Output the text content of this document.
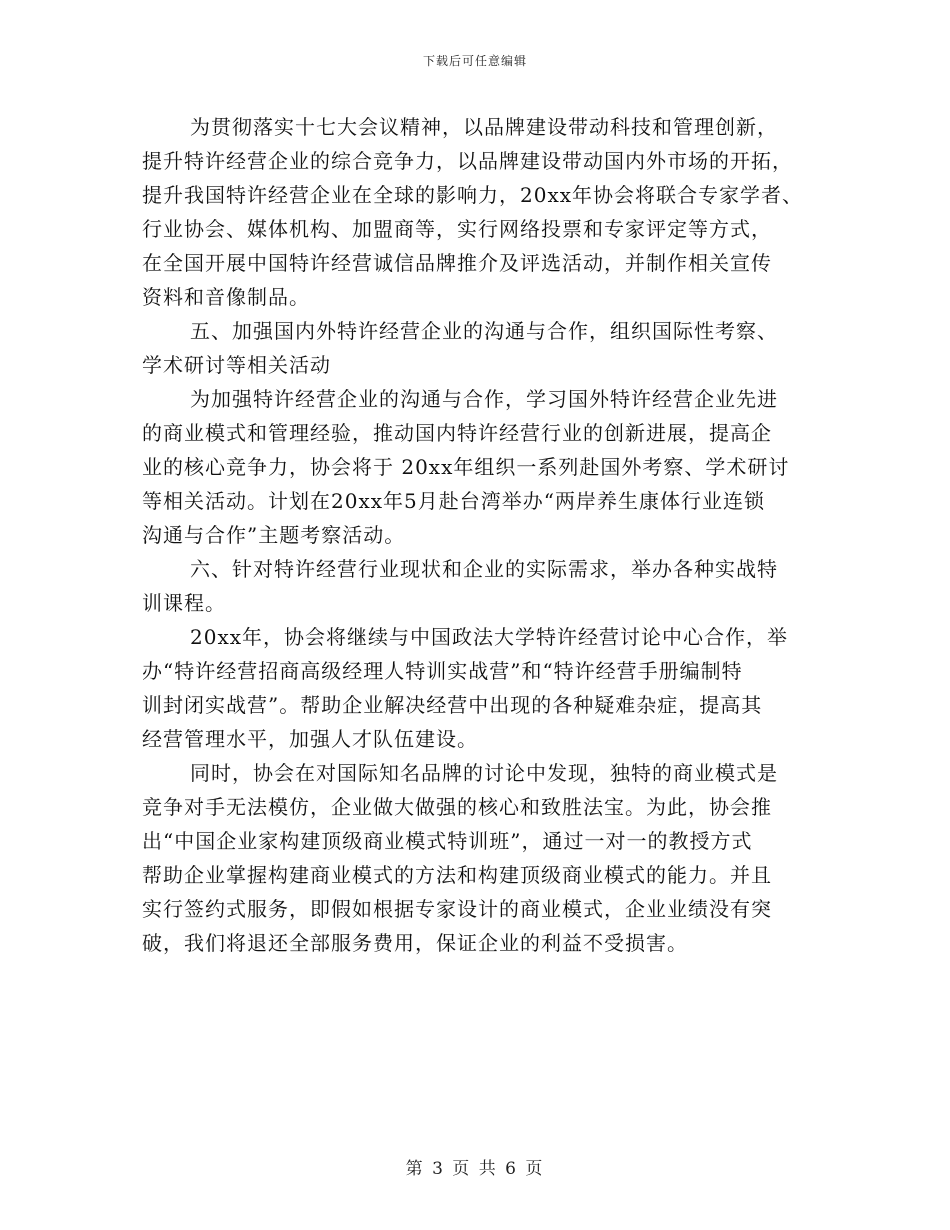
下载后可任意编辑
为贯彻落实十七大会议精神，以品牌建设带动科技和管理创新，
提升特许经营企业的综合竞争力，以品牌建设带动国内外市场的开拓，
提升我国特许经营企业在全球的影响力，20xx年协会将联合专家学者、
行业协会、媒体机构、加盟商等，实行网络投票和专家评定等方式，
在全国开展中国特许经营诚信品牌推介及评选活动，并制作相关宣传
资料和音像制品。
五、加强国内外特许经营企业的沟通与合作，组织国际性考察、
学术研讨等相关活动
为加强特许经营企业的沟通与合作，学习国外特许经营企业先进
的商业模式和管理经验，推动国内特许经营行业的创新进展，提高企
业的核心竞争力，协会将于 20xx年组织一系列赴国外考察、学术研讨
等相关活动。计划在20xx年5月赴台湾举办“两岸养生康体行业连锁
沟通与合作”主题考察活动。
六、针对特许经营行业现状和企业的实际需求，举办各种实战特
训课程。
20xx年，协会将继续与中国政法大学特许经营讨论中心合作，举
办“特许经营招商高级经理人特训实战营”和“特许经营手册编制特
训封闭实战营”。帮助企业解决经营中出现的各种疑难杂症，提高其
经营管理水平，加强人才队伍建设。
同时，协会在对国际知名品牌的讨论中发现，独特的商业模式是
竞争对手无法模仿，企业做大做强的核心和致胜法宝。为此，协会推
出“中国企业家构建顶级商业模式特训班”，通过一对一的教授方式
帮助企业掌握构建商业模式的方法和构建顶级商业模式的能力。并且
实行签约式服务，即假如根据专家设计的商业模式，企业业绩没有突
破，我们将退还全部服务费用，保证企业的利益不受损害。
第 3 页 共 6 页
